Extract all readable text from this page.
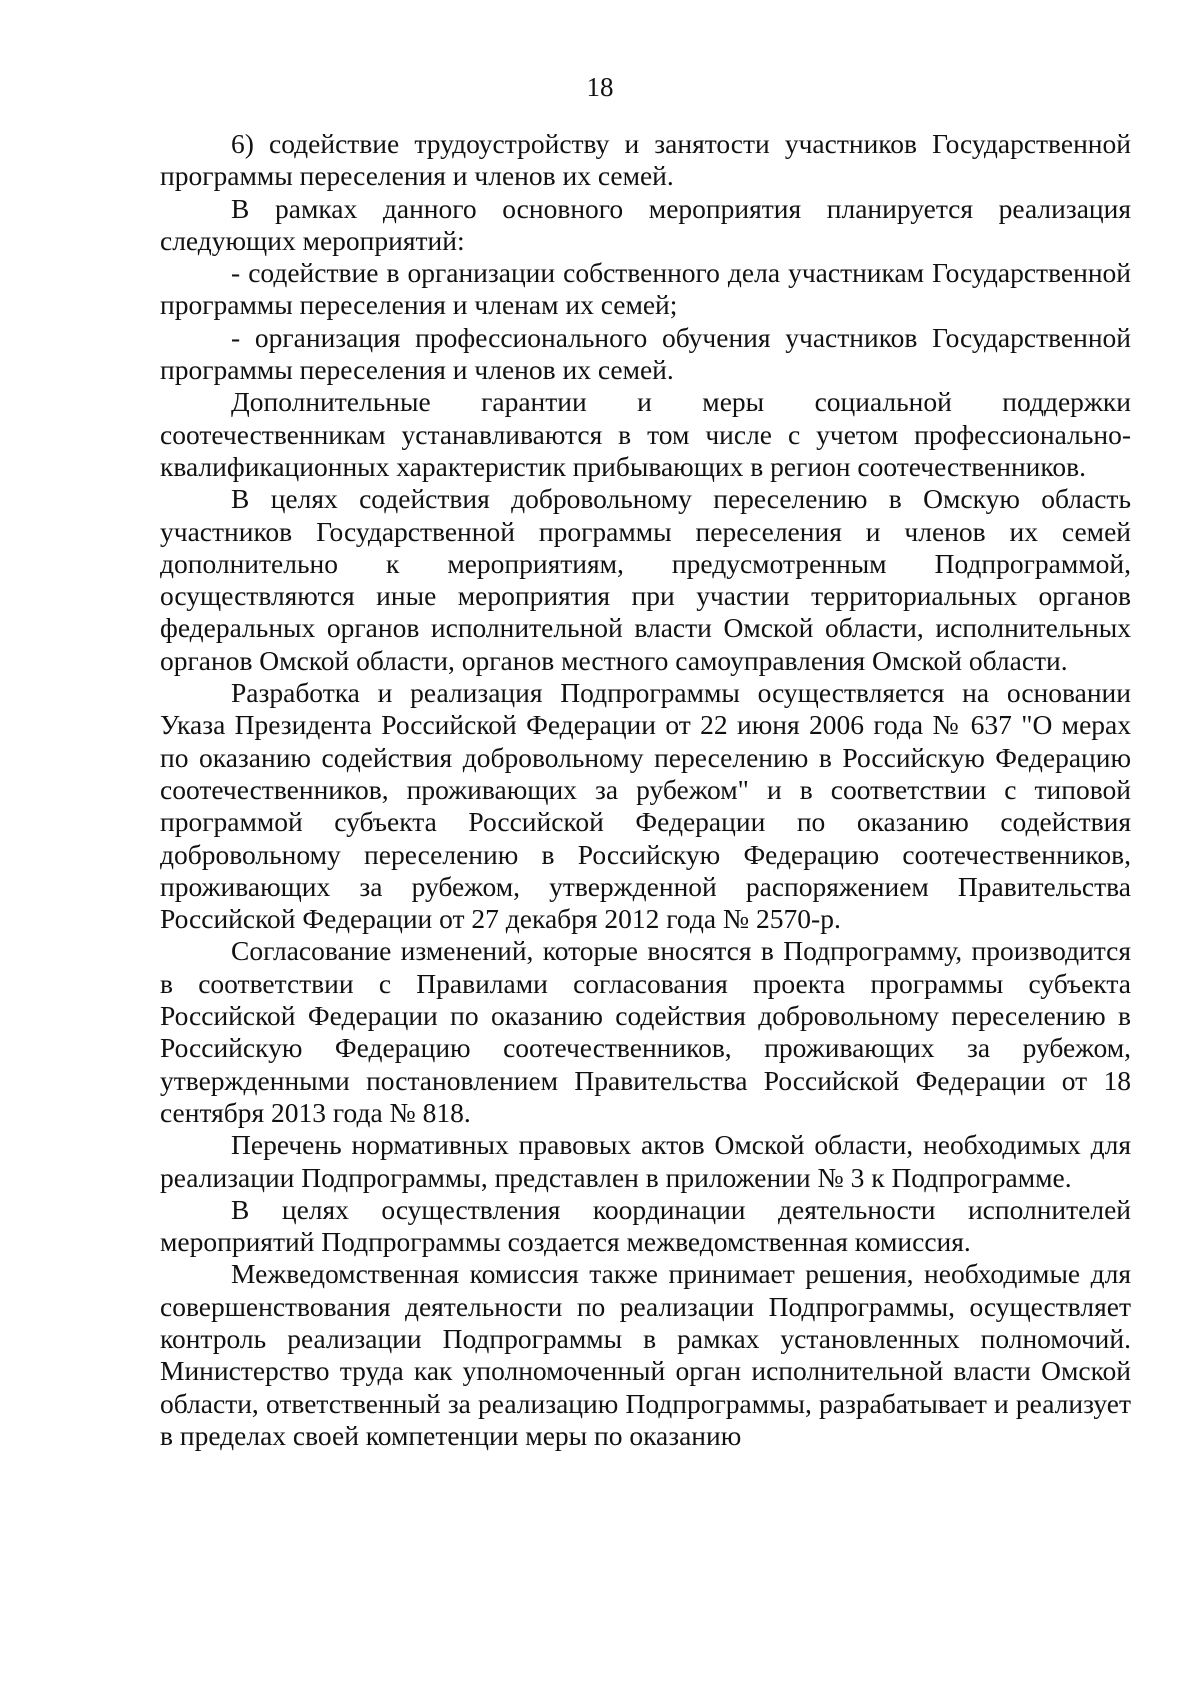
18

6) содействие трудоустройству и занятости участников Государственной программы переселения и членов их семей.

В рамках данного основного мероприятия планируется реализация следующих мероприятий:

- содействие в организации собственного дела участникам Государственной программы переселения и членам их семей;

- организация профессионального обучения участников Государственной программы переселения и членов их семей.

Дополнительные гарантии и меры социальной поддержки соотечественникам устанавливаются в том числе с учетом профессионально-квалификационных характеристик прибывающих в регион соотечественников.

В целях содействия добровольному переселению в Омскую область участников Государственной программы переселения и членов их семей дополнительно к мероприятиям, предусмотренным Подпрограммой, осуществляются иные мероприятия при участии территориальных органов федеральных органов исполнительной власти Омской области, исполнительных органов Омской области, органов местного самоуправления Омской области.

Разработка и реализация Подпрограммы осуществляется на основании Указа Президента Российской Федерации от 22 июня 2006 года № 637 "О мерах по оказанию содействия добровольному переселению в Российскую Федерацию соотечественников, проживающих за рубежом" и в соответствии с типовой программой субъекта Российской Федерации по оказанию содействия добровольному переселению в Российскую Федерацию соотечественников, проживающих за рубежом, утвержденной распоряжением Правительства Российской Федерации от 27 декабря 2012 года № 2570-р.

Согласование изменений, которые вносятся в Подпрограмму, производится в соответствии с Правилами согласования проекта программы субъекта Российской Федерации по оказанию содействия добровольному переселению в Российскую Федерацию соотечественников, проживающих за рубежом, утвержденными постановлением Правительства Российской Федерации от 18 сентября 2013 года № 818.

Перечень нормативных правовых актов Омской области, необходимых для реализации Подпрограммы, представлен в приложении № 3 к Подпрограмме.

В целях осуществления координации деятельности исполнителей мероприятий Подпрограммы создается межведомственная комиссия.

Межведомственная комиссия также принимает решения, необходимые для совершенствования деятельности по реализации Подпрограммы, осуществляет контроль реализации Подпрограммы в рамках установленных полномочий. Министерство труда как уполномоченный орган исполнительной власти Омской области, ответственный за реализацию Подпрограммы, разрабатывает и реализует в пределах своей компетенции меры по оказанию
